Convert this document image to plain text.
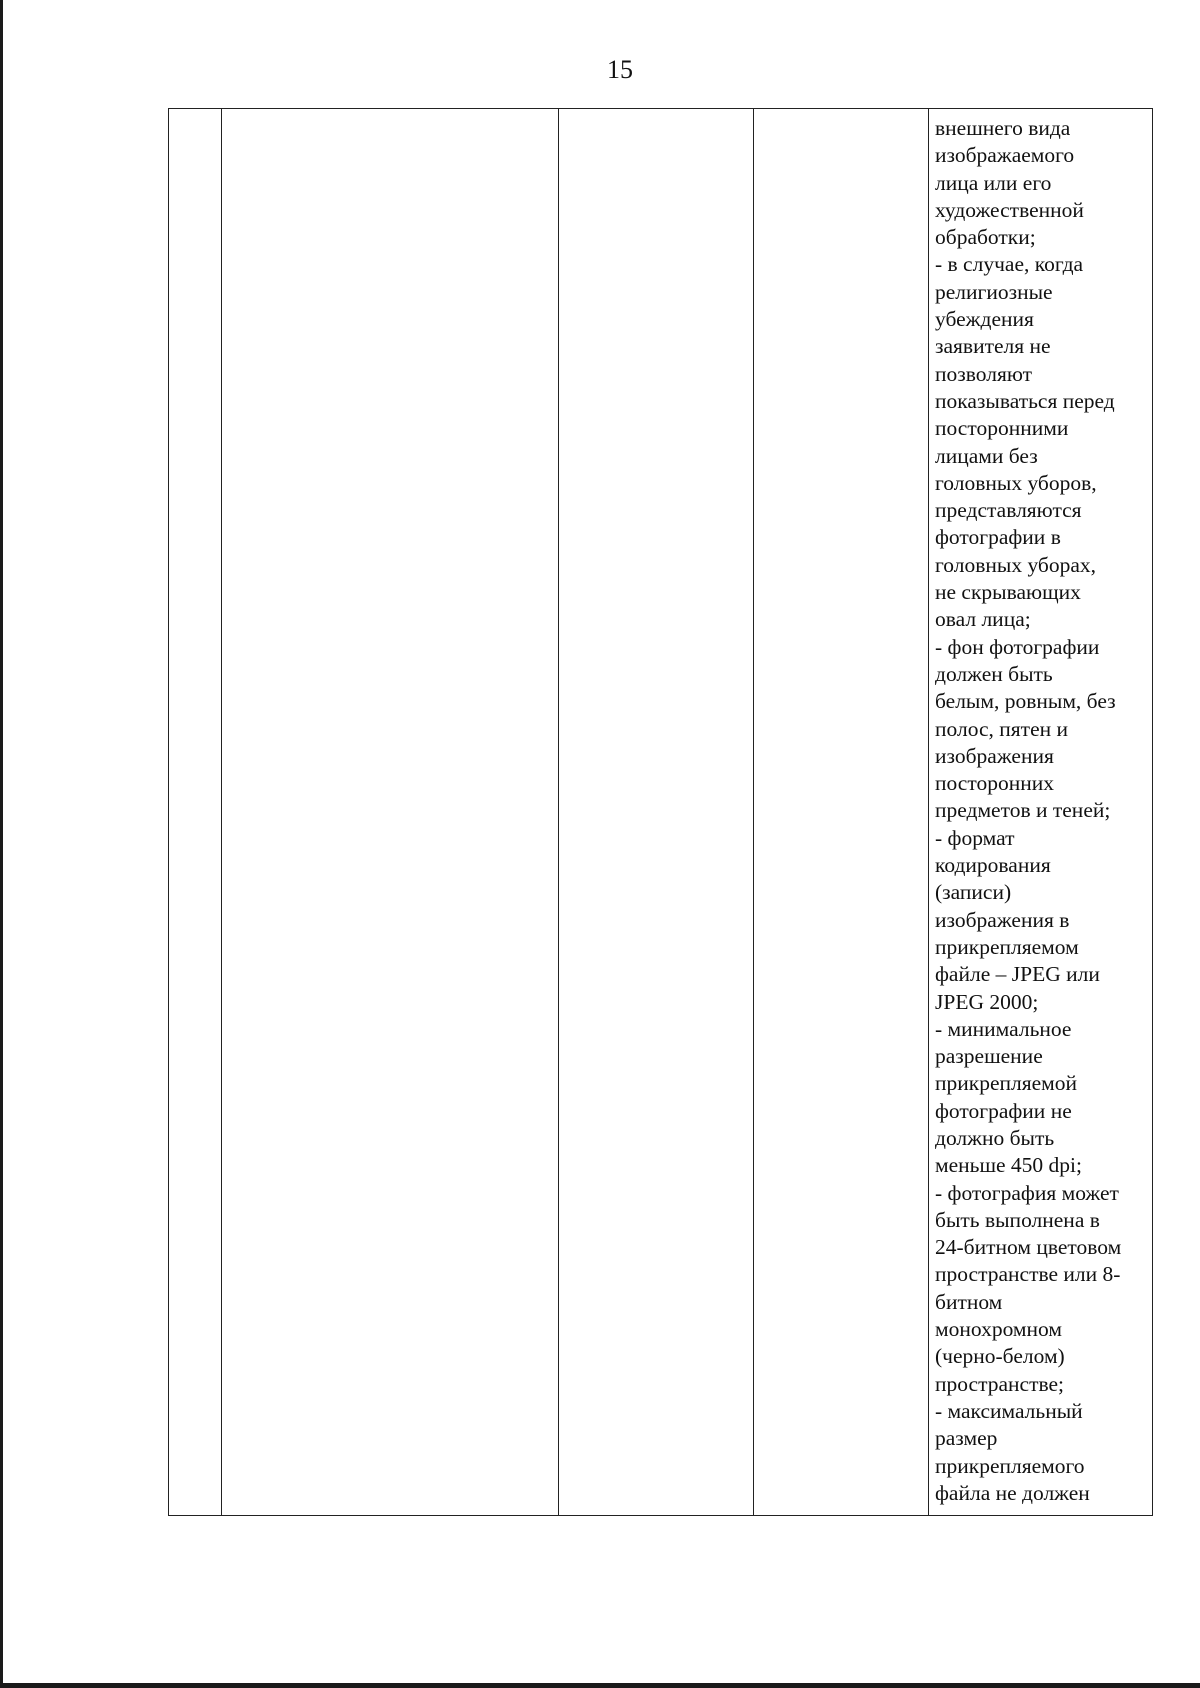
15
внешнего вида
изображаемого
лица или его
художественной
обработки;
- в случае, когда
религиозные
убеждения
заявителя не
позволяют
показываться перед
посторонними
лицами без
головных уборов,
представляются
фотографии в
головных уборах,
не скрывающих
овал лица;
- фон фотографии
должен быть
белым, ровным, без
полос, пятен и
изображения
посторонних
предметов и теней;
- формат
кодирования
(записи)
изображения в
прикрепляемом
файле – JPEG или
JPEG 2000;
- минимальное
разрешение
прикрепляемой
фотографии не
должно быть
меньше 450 dpi;
- фотография может
быть выполнена в
24-битном цветовом
пространстве или 8-
битном
монохромном
(черно-белом)
пространстве;
- максимальный
размер
прикрепляемого
файла не должен
